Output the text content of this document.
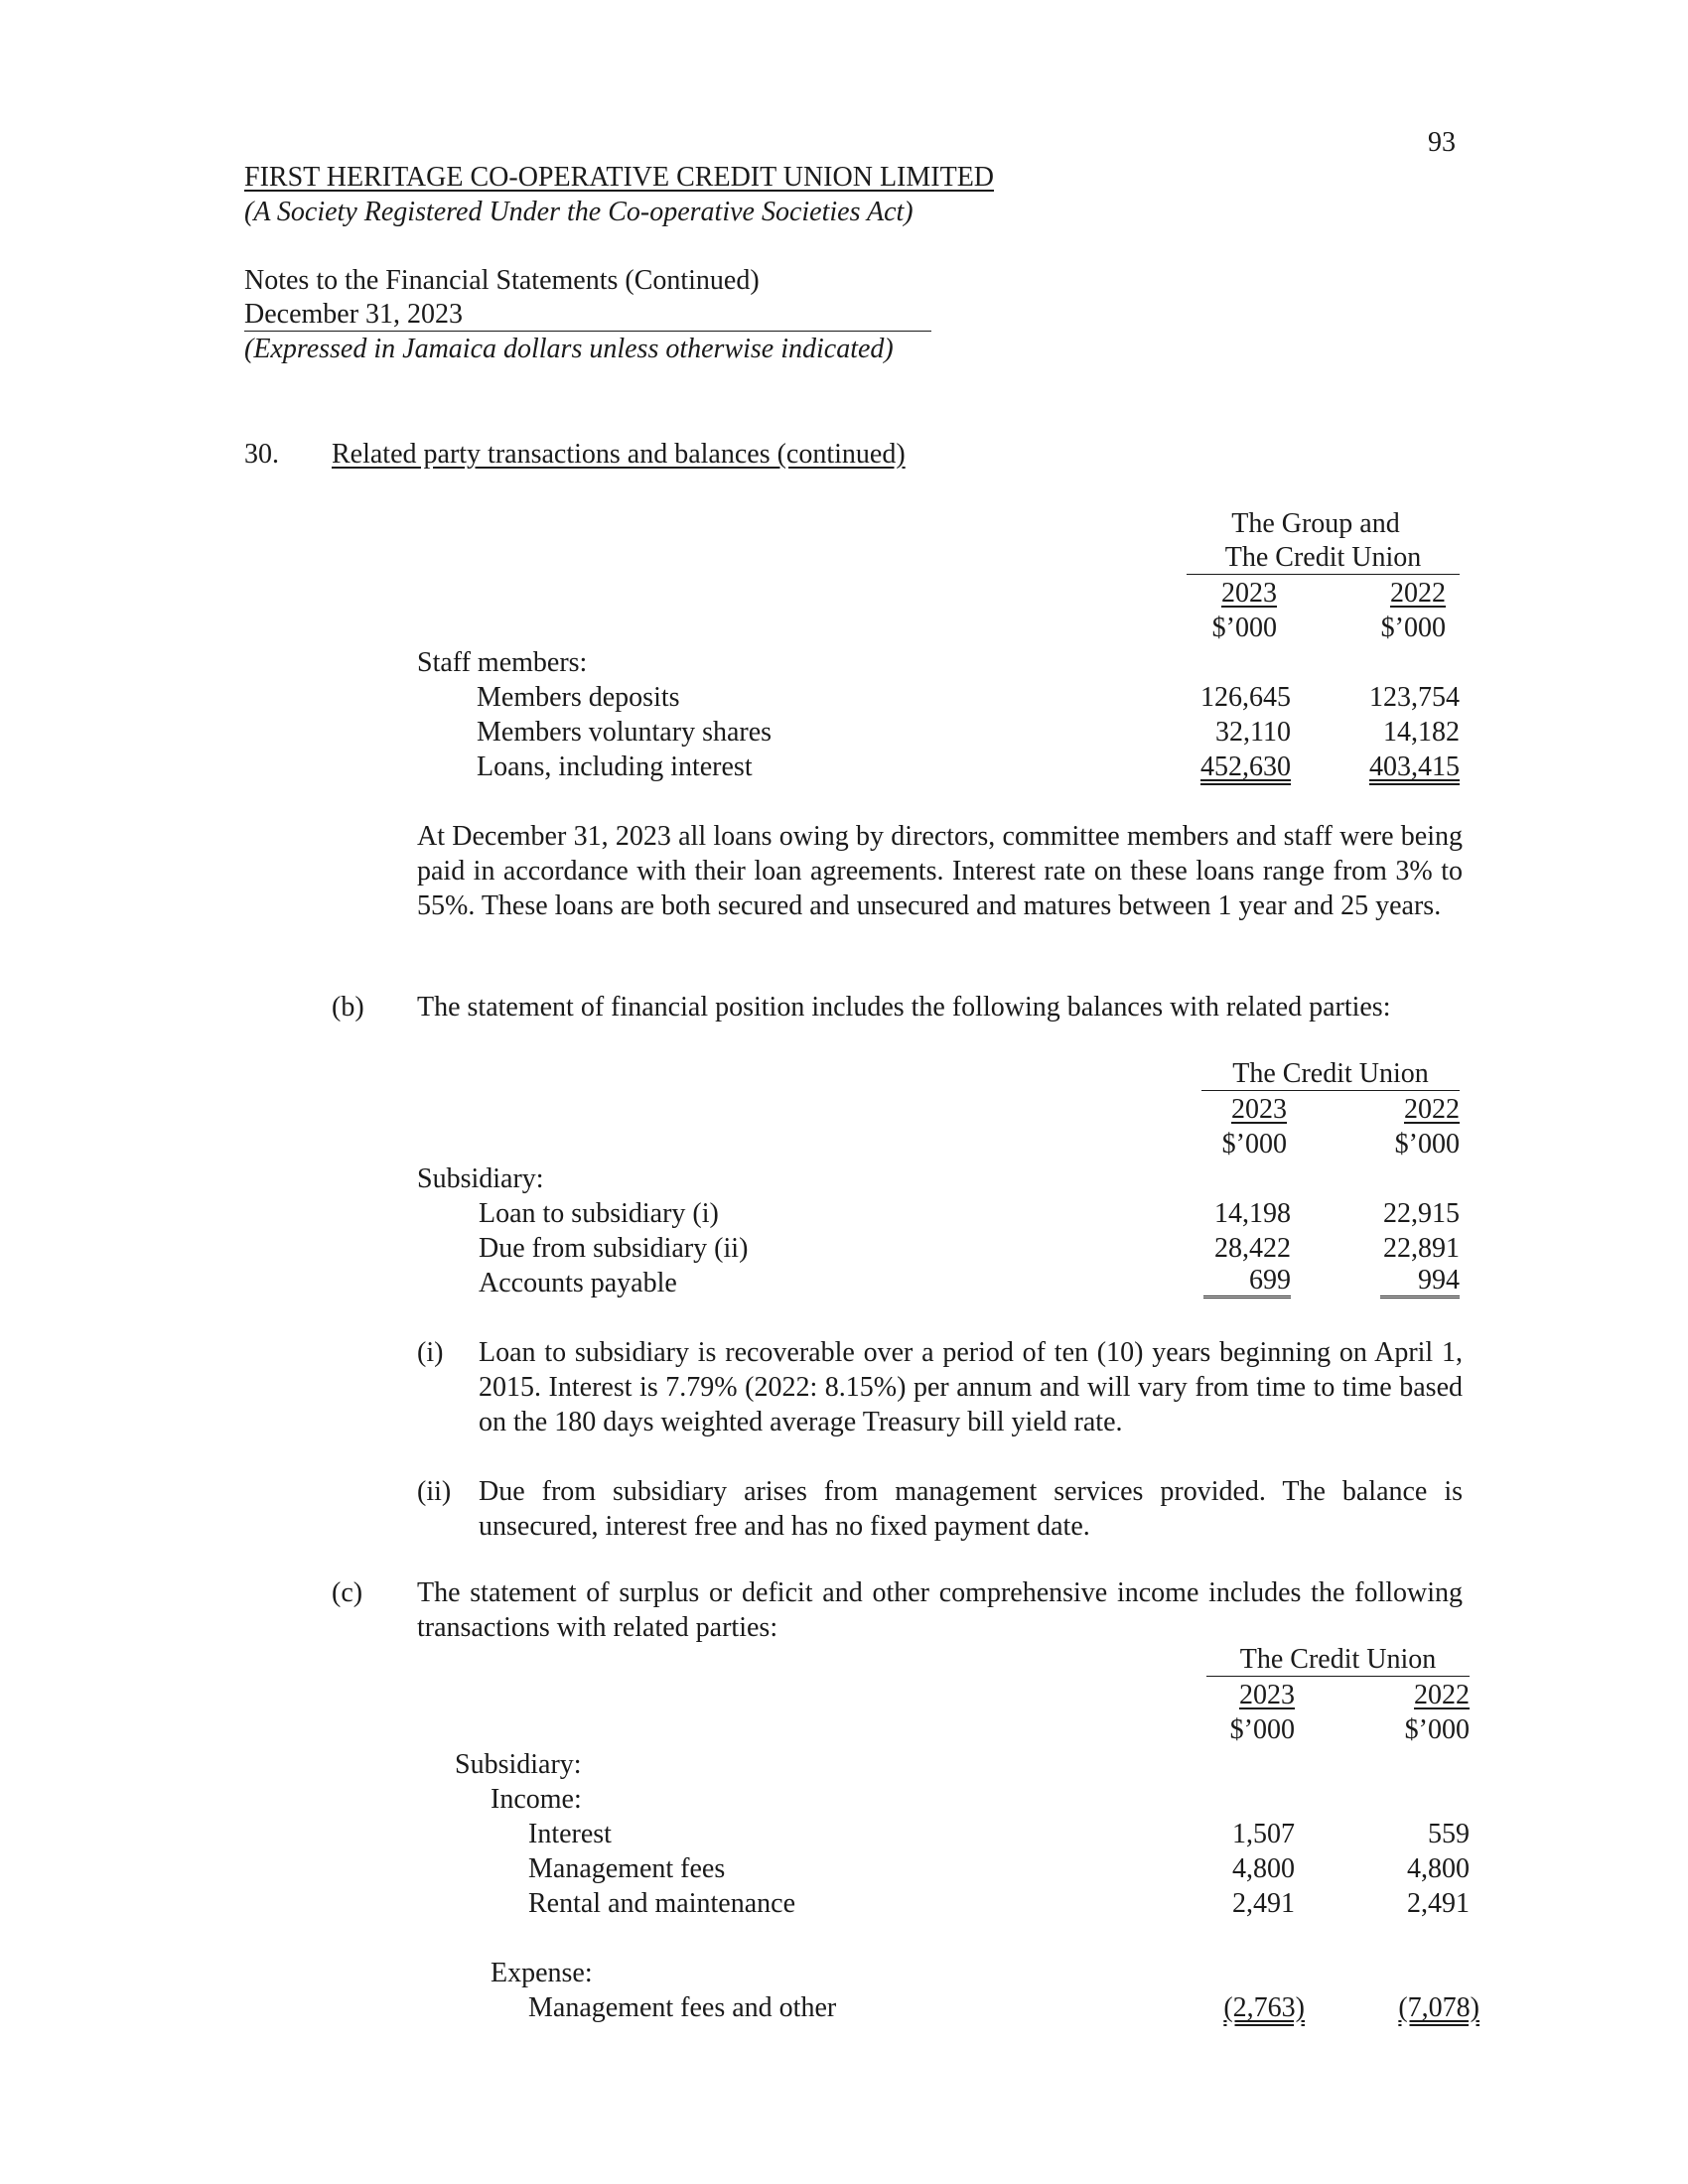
93
FIRST HERITAGE CO-OPERATIVE CREDIT UNION LIMITED
(A Society Registered Under the Co-operative Societies Act)
Notes to the Financial Statements (Continued)
December 31, 2023
(Expressed in Jamaica dollars unless otherwise indicated)
30. Related party transactions and balances (continued)
The Group and
The Credit Union
2023	2022
$’000	$’000
Staff members:
Members deposits	126,645	123,754
Members voluntary shares	32,110	14,182
Loans, including interest	452,630	403,415
At December 31, 2023 all loans owing by directors, committee members and staff were being paid in accordance with their loan agreements. Interest rate on these loans range from 3% to 55%. These loans are both secured and unsecured and matures between 1 year and 25 years.
(b) The statement of financial position includes the following balances with related parties:
The Credit Union
2023	2022
$’000	$’000
Subsidiary:
Loan to subsidiary (i)	14,198	22,915
Due from subsidiary (ii)	28,422	22,891
Accounts payable	699	994
(i) Loan to subsidiary is recoverable over a period of ten (10) years beginning on April 1, 2015. Interest is 7.79% (2022: 8.15%) per annum and will vary from time to time based on the 180 days weighted average Treasury bill yield rate.
(ii) Due from subsidiary arises from management services provided. The balance is unsecured, interest free and has no fixed payment date.
(c) The statement of surplus or deficit and other comprehensive income includes the following transactions with related parties:
The Credit Union
2023	2022
$’000	$’000
Subsidiary:
Income:
Interest	1,507	559
Management fees	4,800	4,800
Rental and maintenance	2,491	2,491
Expense:
Management fees and other	(2,763)	(7,078)
